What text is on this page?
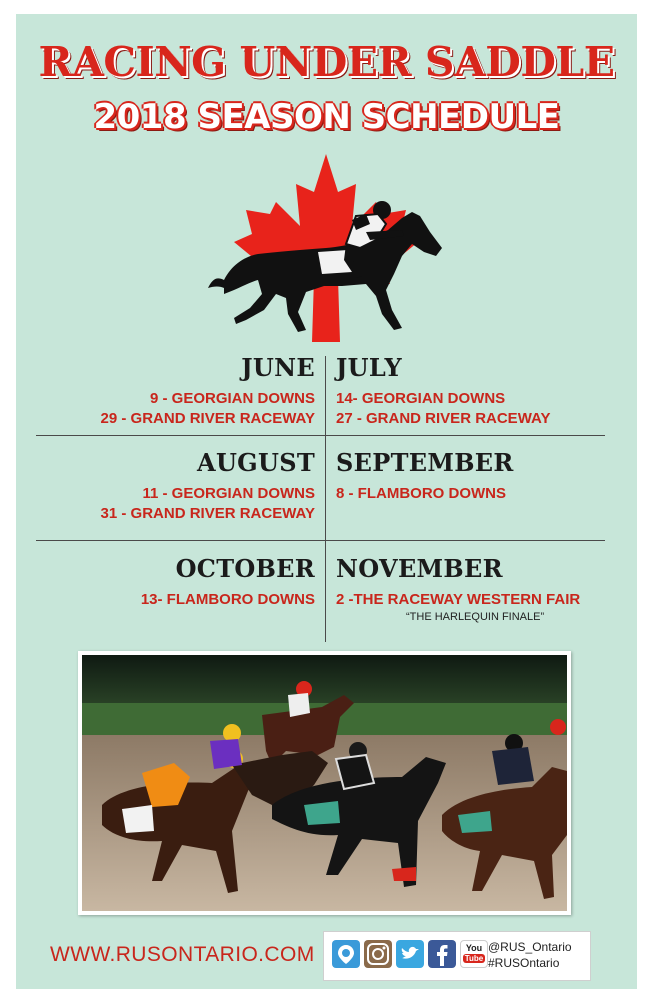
RACING UNDER SADDLE
2018 SEASON SCHEDULE
JUNE
9 - GEORGIAN DOWNS
29 - GRAND RIVER RACEWAY
JULY
14- GEORGIAN DOWNS
27 - GRAND RIVER RACEWAY
AUGUST
11 - GEORGIAN DOWNS
31 - GRAND RIVER RACEWAY
SEPTEMBER
8 - FLAMBORO DOWNS
OCTOBER
13- FLAMBORO DOWNS
NOVEMBER
2 -THE RACEWAY WESTERN FAIR
“THE HARLEQUIN FINALE”

WWW.RUSONTARIO.COM	You
Tube
@RUS_Ontario
#RUSOntario
